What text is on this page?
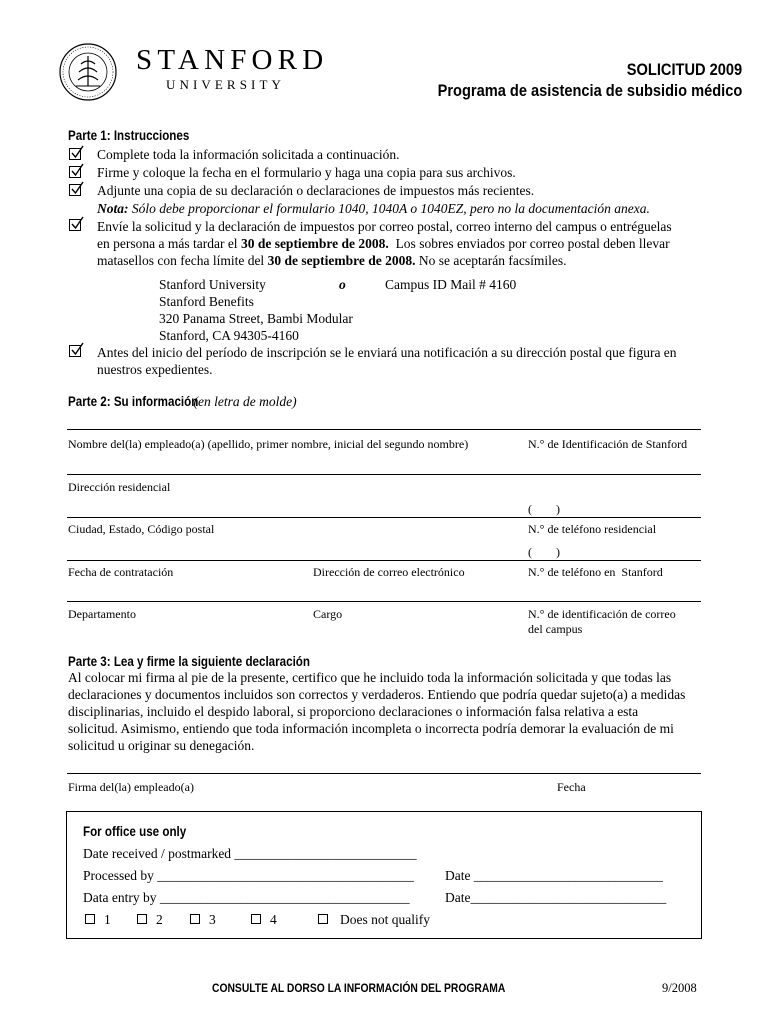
STANFORD
UNIVERSITY
SOLICITUD 2009
Programa de asistencia de subsidio médico
Parte 1: Instrucciones
Complete toda la información solicitada a continuación.
Firme y coloque la fecha en el formulario y haga una copia para sus archivos.
Adjunte una copia de su declaración o declaraciones de impuestos más recientes.
Nota: Sólo debe proporcionar el formulario 1040, 1040A o 1040EZ, pero no la documentación anexa.
Envíe la solicitud y la declaración de impuestos por correo postal, correo interno del campus o entréguelas
en persona a más tardar el 30 de septiembre de 2008.  Los sobres enviados por correo postal deben llevar
matasellos con fecha límite del 30 de septiembre de 2008. No se aceptarán facsímiles.
Stanford University
Stanford Benefits
320 Panama Street, Bambi Modular
Stanford, CA 94305-4160
o	Campus ID Mail # 4160
Antes del inicio del período de inscripción se le enviará una notificación a su dirección postal que figura en
nuestros expedientes.
Parte 2: Su información(en letra de molde)
Nombre del(la) empleado(a) (apellido, primer nombre, inicial del segundo nombre)	N.° de Identificación de Stanford
Dirección residencial
(        )
Ciudad, Estado, Código postal	N.° de teléfono residencial
(        )
Fecha de contratación	Dirección de correo electrónico	N.° de teléfono en  Stanford
Departamento	Cargo	N.° de identificación de correo
del campus
Parte 3: Lea y firme la siguiente declaración
Al colocar mi firma al pie de la presente, certifico que he incluido toda la información solicitada y que todas las
declaraciones y documentos incluidos son correctos y verdaderos. Entiendo que podría quedar sujeto(a) a medidas
disciplinarias, incluido el despido laboral, si proporciono declaraciones o información falsa relativa a esta
solicitud. Asimismo, entiendo que toda información incompleta o incorrecta podría demorar la evaluación de mi
solicitud u originar su denegación.
Firma del(la) empleado(a)	Fecha
For office use only
Date received / postmarked ___________________________
Processed by ______________________________________ Date ____________________________
Data entry by _____________________________________	Date_____________________________
1	2	3	4	Does not qualify
CONSULTE AL DORSO LA INFORMACIÓN DEL PROGRAMA	9/2008
